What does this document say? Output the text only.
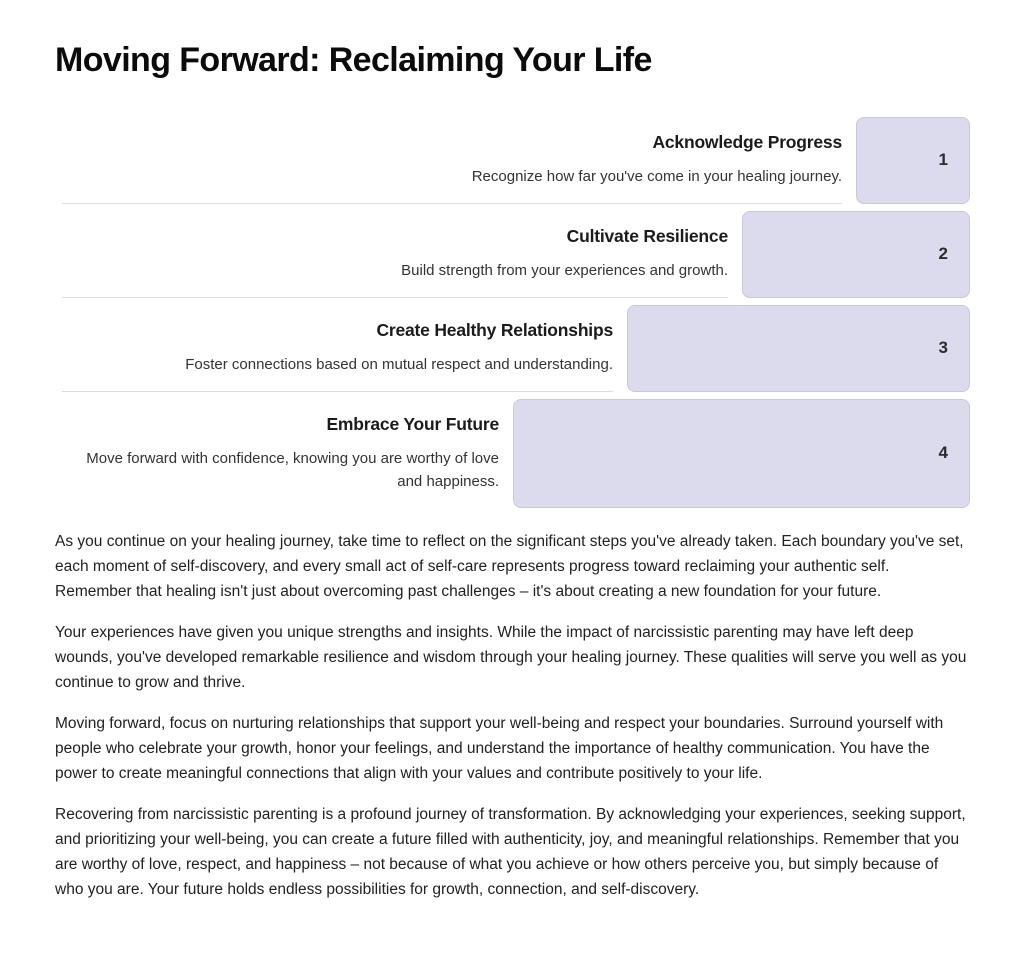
Moving Forward: Reclaiming Your Life
Acknowledge Progress
Recognize how far you've come in your healing journey.
1
Cultivate Resilience
Build strength from your experiences and growth.
2
Create Healthy Relationships
Foster connections based on mutual respect and understanding.
3
Embrace Your Future
Move forward with confidence, knowing you are worthy of love and happiness.
4

As you continue on your healing journey, take time to reflect on the significant steps you've already taken. Each boundary you've set, each moment of self-discovery, and every small act of self-care represents progress toward reclaiming your authentic self. Remember that healing isn't just about overcoming past challenges – it's about creating a new foundation for your future.

Your experiences have given you unique strengths and insights. While the impact of narcissistic parenting may have left deep wounds, you've developed remarkable resilience and wisdom through your healing journey. These qualities will serve you well as you continue to grow and thrive.

Moving forward, focus on nurturing relationships that support your well-being and respect your boundaries. Surround yourself with people who celebrate your growth, honor your feelings, and understand the importance of healthy communication. You have the power to create meaningful connections that align with your values and contribute positively to your life.

Recovering from narcissistic parenting is a profound journey of transformation. By acknowledging your experiences, seeking support, and prioritizing your well-being, you can create a future filled with authenticity, joy, and meaningful relationships. Remember that you are worthy of love, respect, and happiness – not because of what you achieve or how others perceive you, but simply because of who you are. Your future holds endless possibilities for growth, connection, and self-discovery.
